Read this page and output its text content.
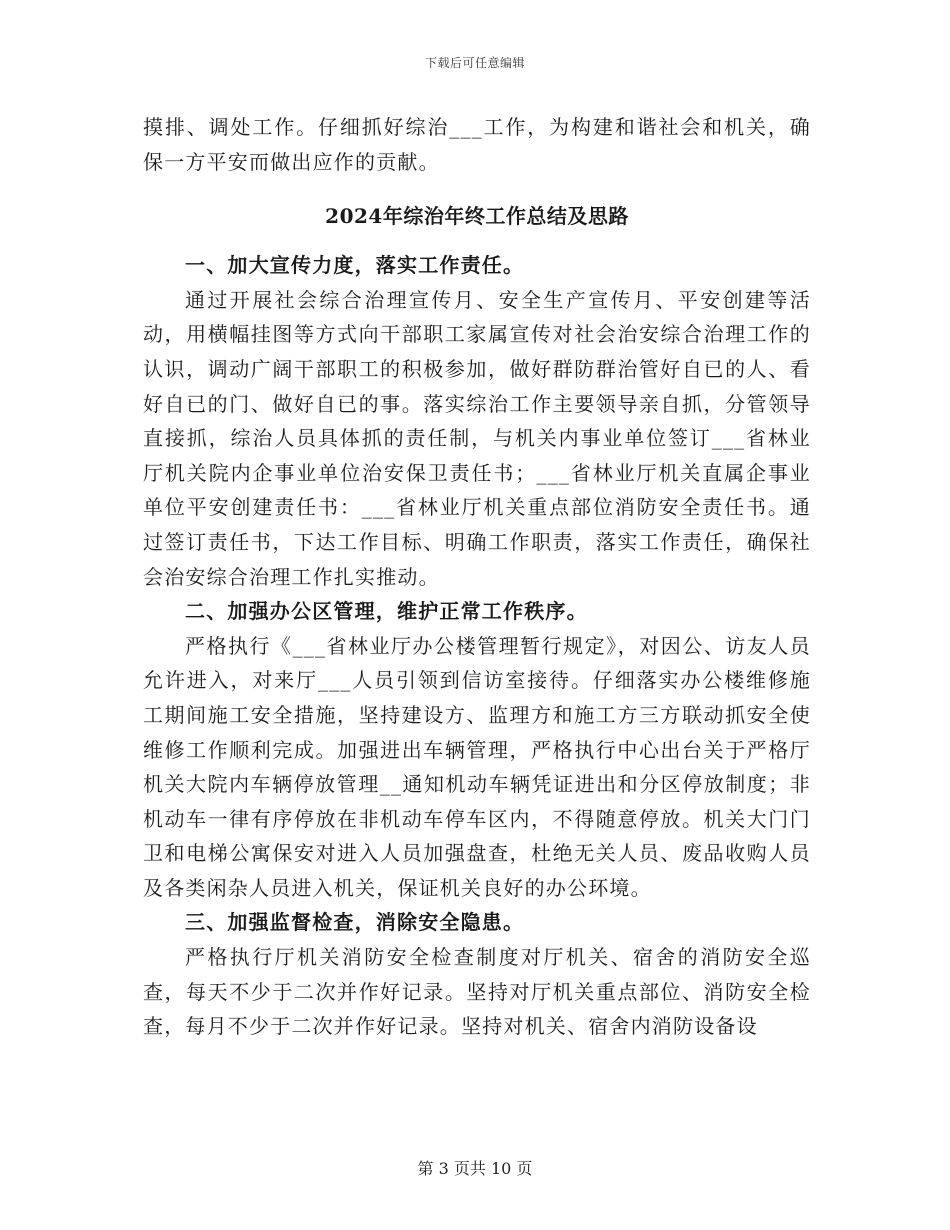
下载后可任意编辑

摸排、调处工作。仔细抓好综治___工作，为构建和谐社会和机关，确保一方平安而做出应作的贡献。

2024年综治年终工作总结及思路

一、加大宣传力度，落实工作责任。

通过开展社会综合治理宣传月、安全生产宣传月、平安创建等活动，用横幅挂图等方式向干部职工家属宣传对社会治安综合治理工作的认识，调动广阔干部职工的积极参加，做好群防群治管好自已的人、看好自已的门、做好自已的事。落实综治工作主要领导亲自抓，分管领导直接抓，综治人员具体抓的责任制，与机关内事业单位签订___省林业厅机关院内企事业单位治安保卫责任书；___省林业厅机关直属企事业单位平安创建责任书：___省林业厅机关重点部位消防安全责任书。通过签订责任书，下达工作目标、明确工作职责，落实工作责任，确保社会治安综合治理工作扎实推动。

二、加强办公区管理，维护正常工作秩序。

严格执行《___省林业厅办公楼管理暂行规定》，对因公、访友人员允许进入，对来厅___人员引领到信访室接待。仔细落实办公楼维修施工期间施工安全措施，坚持建设方、监理方和施工方三方联动抓安全使维修工作顺利完成。加强进出车辆管理，严格执行中心出台关于严格厅机关大院内车辆停放管理__通知机动车辆凭证进出和分区停放制度；非机动车一律有序停放在非机动车停车区内，不得随意停放。机关大门门卫和电梯公寓保安对进入人员加强盘查，杜绝无关人员、废品收购人员及各类闲杂人员进入机关，保证机关良好的办公环境。

三、加强监督检查，消除安全隐患。

严格执行厅机关消防安全检查制度对厅机关、宿舍的消防安全巡查，每天不少于二次并作好记录。坚持对厅机关重点部位、消防安全检查，每月不少于二次并作好记录。坚持对机关、宿舍内消防设备设

第 3 页共 10 页
